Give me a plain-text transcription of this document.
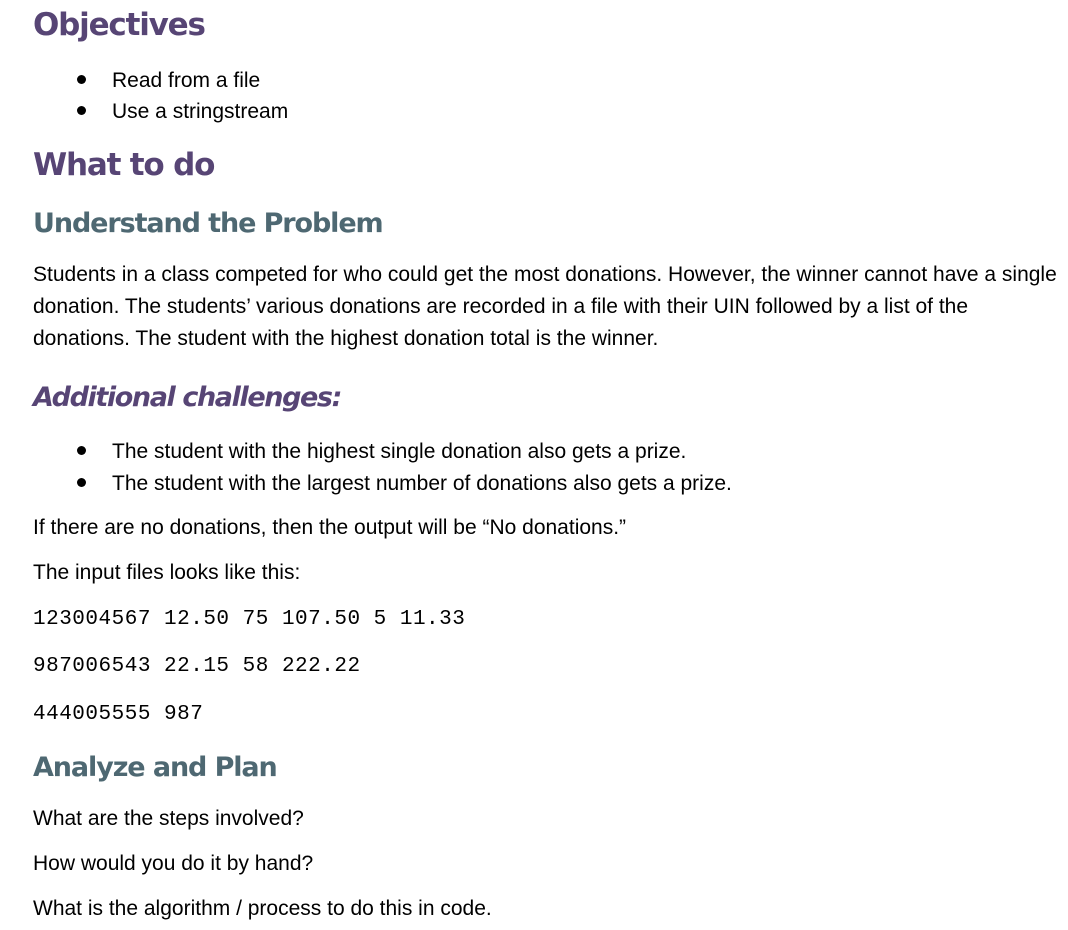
Objectives
Read from a file
Use a stringstream
What to do
Understand the Problem

Students in a class competed for who could get the most donations. However, the winner cannot have a single donation. The students’ various donations are recorded in a file with their UIN followed by a list of the donations. The student with the highest donation total is the winner.

Additional challenges:
The student with the highest single donation also gets a prize.
The student with the largest number of donations also gets a prize.
If there are no donations, then the output will be “No donations.”
The input files looks like this:
123004567 12.50 75 107.50 5 11.33
987006543 22.15 58 222.22
444005555 987
Analyze and Plan
What are the steps involved?
How would you do it by hand?
What is the algorithm / process to do this in code.
